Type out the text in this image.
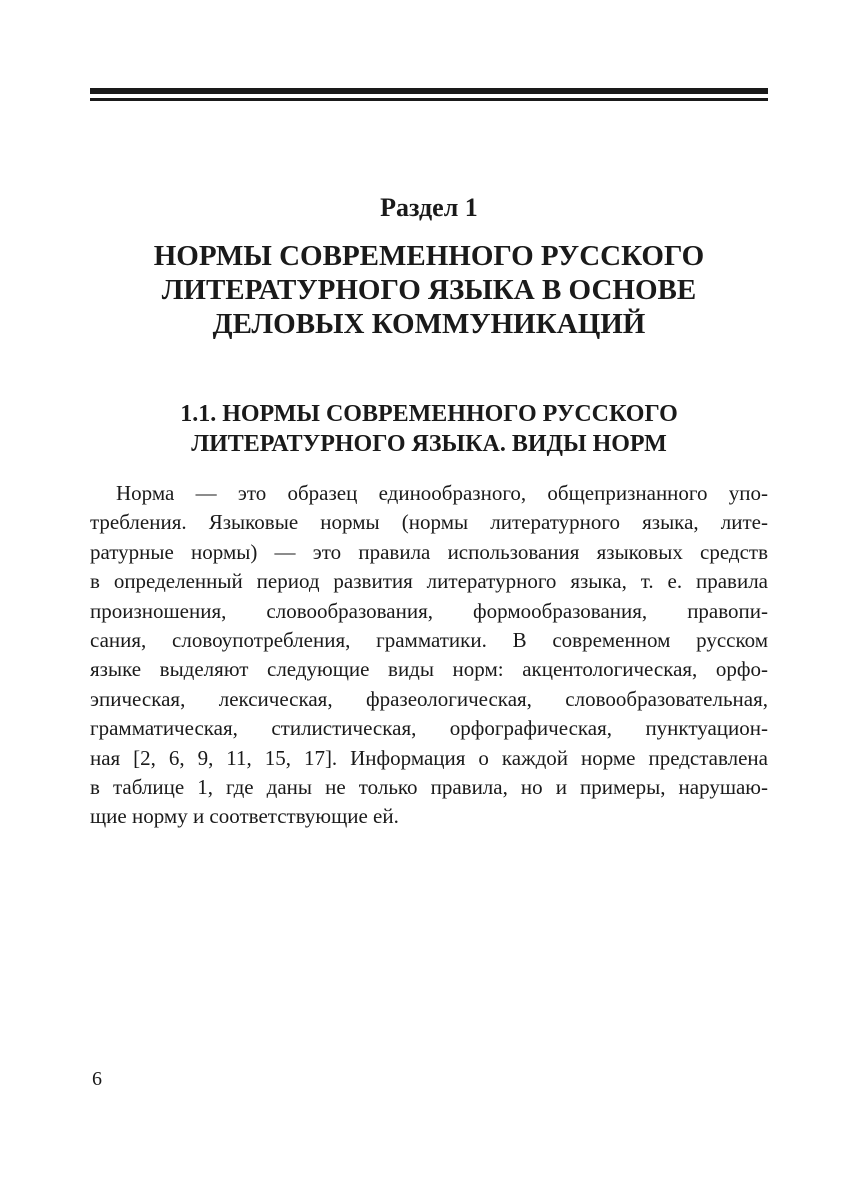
Раздел 1
НОРМЫ СОВРЕМЕННОГО РУССКОГО
ЛИТЕРАТУРНОГО ЯЗЫКА В ОСНОВЕ
ДЕЛОВЫХ КОММУНИКАЦИЙ
1.1. НОРМЫ СОВРЕМЕННОГО РУССКОГО
ЛИТЕРАТУРНОГО ЯЗЫКА. ВИДЫ НОРМ
Норма — это образец единообразного, общепризнанного упо-
требления. Языковые нормы (нормы литературного языка, лите-
ратурные нормы) — это правила использования языковых средств
в определенный период развития литературного языка, т. е. правила
произношения, словообразования, формообразования, правопи-
сания, словоупотребления, грамматики. В современном русском
языке выделяют следующие виды норм: акцентологическая, орфо-
эпическая, лексическая, фразеологическая, словообразовательная,
грамматическая, стилистическая, орфографическая, пунктуацион-
ная [2, 6, 9, 11, 15, 17]. Информация о каждой норме представлена
в таблице 1, где даны не только правила, но и примеры, нарушаю-
щие норму и соответствующие ей.
6
